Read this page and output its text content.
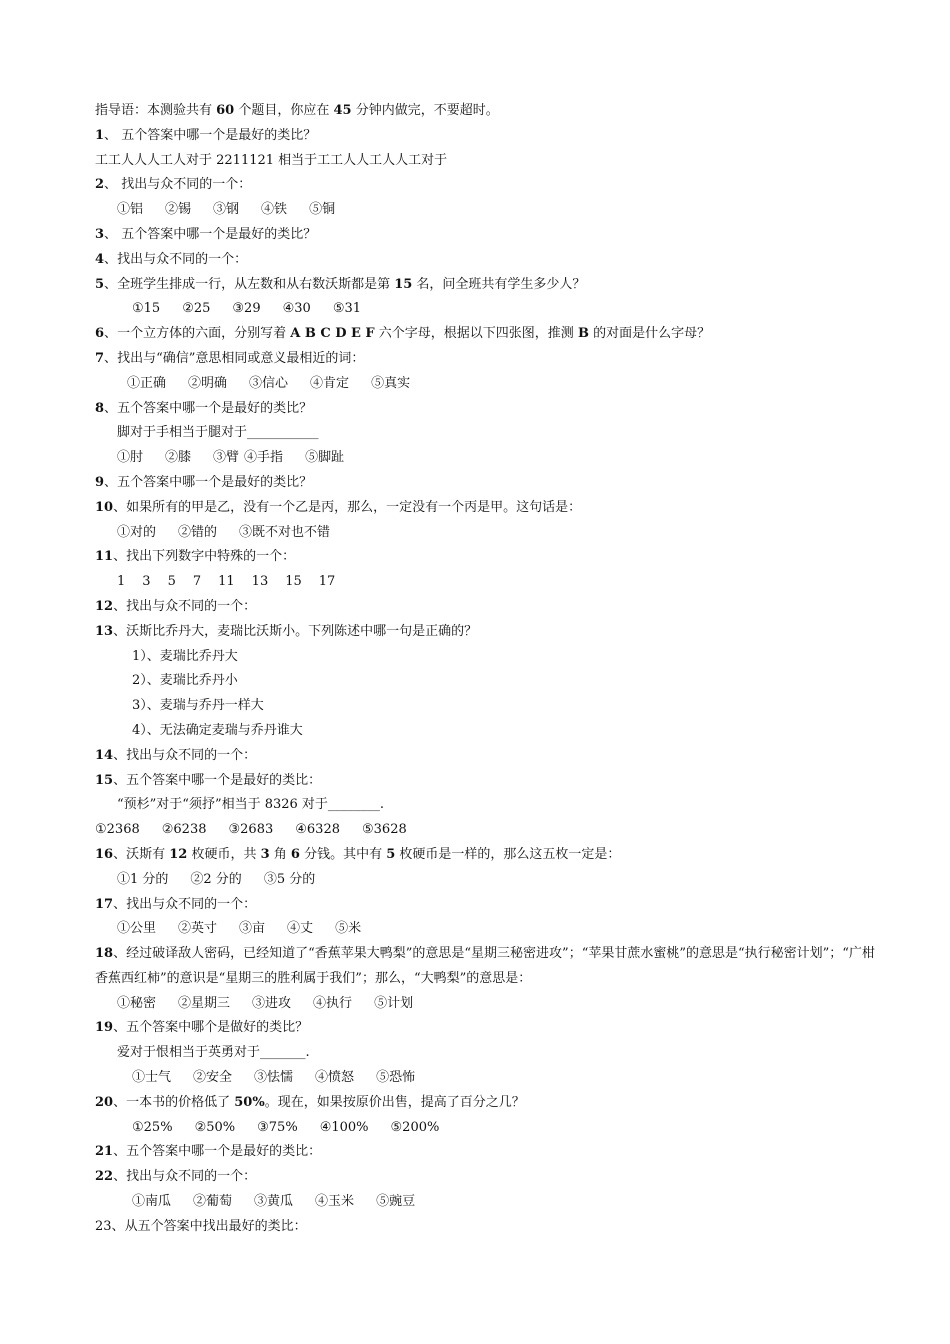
指导语：本测验共有 60 个题目，你应在 45 分钟内做完，不要超时。
1、 五个答案中哪一个是最好的类比？
工工人人人工人对于 2211121 相当于工工人人工人人工对于
2、 找出与众不同的一个：
①铝 ②锡 ③钢 ④铁 ⑤铜
3、 五个答案中哪一个是最好的类比？
4、找出与众不同的一个：
5、全班学生排成一行，从左数和从右数沃斯都是第 15 名，问全班共有学生多少人？
①15 ②25 ③29 ④30 ⑤31
6、一个立方体的六面，分别写着 A B C D E F 六个字母，根据以下四张图，推测 B 的对面是什么字母？
7、找出与“确信”意思相同或意义最相近的词：
①正确 ②明确 ③信心 ④肯定 ⑤真实
8、五个答案中哪一个是最好的类比？
脚对于手相当于腿对于___________
①肘 ②膝 ③臂 ④手指 ⑤脚趾
9、五个答案中哪一个是最好的类比？
10、如果所有的甲是乙，没有一个乙是丙，那么，一定没有一个丙是甲。这句话是：
①对的 ②错的 ③既不对也不错
11、找出下列数字中特殊的一个：
1 3 5 7 11 13 15 17
12、找出与众不同的一个：
13、沃斯比乔丹大，麦瑞比沃斯小。下列陈述中哪一句是正确的？
1）、麦瑞比乔丹大
2）、麦瑞比乔丹小
3）、麦瑞与乔丹一样大
4）、无法确定麦瑞与乔丹谁大
14、找出与众不同的一个：
15、五个答案中哪一个是最好的类比：
“预杉”对于“须抒”相当于 8326 对于________.
①2368 ②6238 ③2683 ④6328 ⑤3628
16、沃斯有 12 枚硬币，共 3 角 6 分钱。其中有 5 枚硬币是一样的，那么这五枚一定是：
①1 分的 ②2 分的 ③5 分的
17、找出与众不同的一个：
①公里 ②英寸 ③亩 ④丈 ⑤米
18、经过破译敌人密码，已经知道了“香蕉苹果大鸭梨”的意思是“星期三秘密进攻”；“苹果甘蔗水蜜桃”的意思是“执行秘密计划”；“广柑香蕉西红柿”的意识是“星期三的胜利属于我们”；那么，“大鸭梨”的意思是：
①秘密 ②星期三 ③进攻 ④执行 ⑤计划
19、五个答案中哪个是做好的类比？
爱对于恨相当于英勇对于_______.
①士气 ②安全 ③怯懦 ④愤怒 ⑤恐怖
20、一本书的价格低了 50%。现在，如果按原价出售，提高了百分之几？
①25% ②50% ③75% ④100% ⑤200%
21、五个答案中哪一个是最好的类比：
22、找出与众不同的一个：
①南瓜 ②葡萄 ③黄瓜 ④玉米 ⑤豌豆
23、从五个答案中找出最好的类比：
